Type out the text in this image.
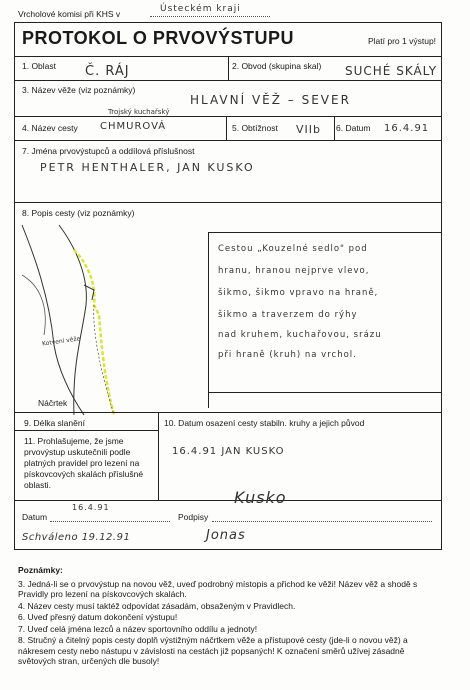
Vrcholové komisi při KHS v	Ústeckém kraji
PROTOKOL O PRVOVÝSTUPU	Platí pro 1 výstup!
1. Oblast Č. RÁJ	2. Obvod (skupina skal) SUCHÉ SKÁLY
3. Název věže (viz poznámky)
HLAVNÍ VĚŽ – SEVER
4. Název cesty
Trojský kuchařský
CHMUROVÁ	5. Obtížnost VIIb 6. Datum 16.4.91
7. Jména prvovýstupců a oddílová příslušnost
PETR HENTHALER, JAN KUSKO
8. Popis cesty (viz poznámky)
Cestou „Kouzelné sedlo" pod
hranu, hranou nejprve vlevo,
šikmo, šikmo vpravo na hraně,
šikmo a traverzem do rýhy
nad kruhem, kuchařovou, srázu
při hraně (kruh) na vrchol.
Kotvení věže
Náčrtek
9. Délka slanění	10. Datum osazení cesty stabiln. kruhy a jejich původ
16.4.91 JAN KUSKO
11. Prohlašujeme, že jsme prvovýstup uskutečnili podle platných pravidel pro lezení na pískovcových skalách příslušné oblasti.
Datum
16.4.91
Podpisy
Kusko
Schváleno 19.12.91	Jonas
Poznámky:
3. Jedná-li se o prvovýstup na novou věž, uveď podrobný místopis a přichod ke věži! Název věž a shodě s Pravidly pro lezení na pískovcových skalách.
4. Název cesty musí taktéž odpovídat zásadám, obsaženým v Pravidlech.
6. Uveď přesný datum dokončení výstupu!
7. Uveď celá jména lezců a název sportovního oddílu a jednoty!
8. Stručný a čitelný popis cesty doplň výstižným náčrtkem věže a přístupové cesty (jde-li o novou věž) a nákresem cesty nebo nástupu v závislosti na cestách již popsaných! K označení směrů užívej zásadně světových stran, určených dle busoly!
